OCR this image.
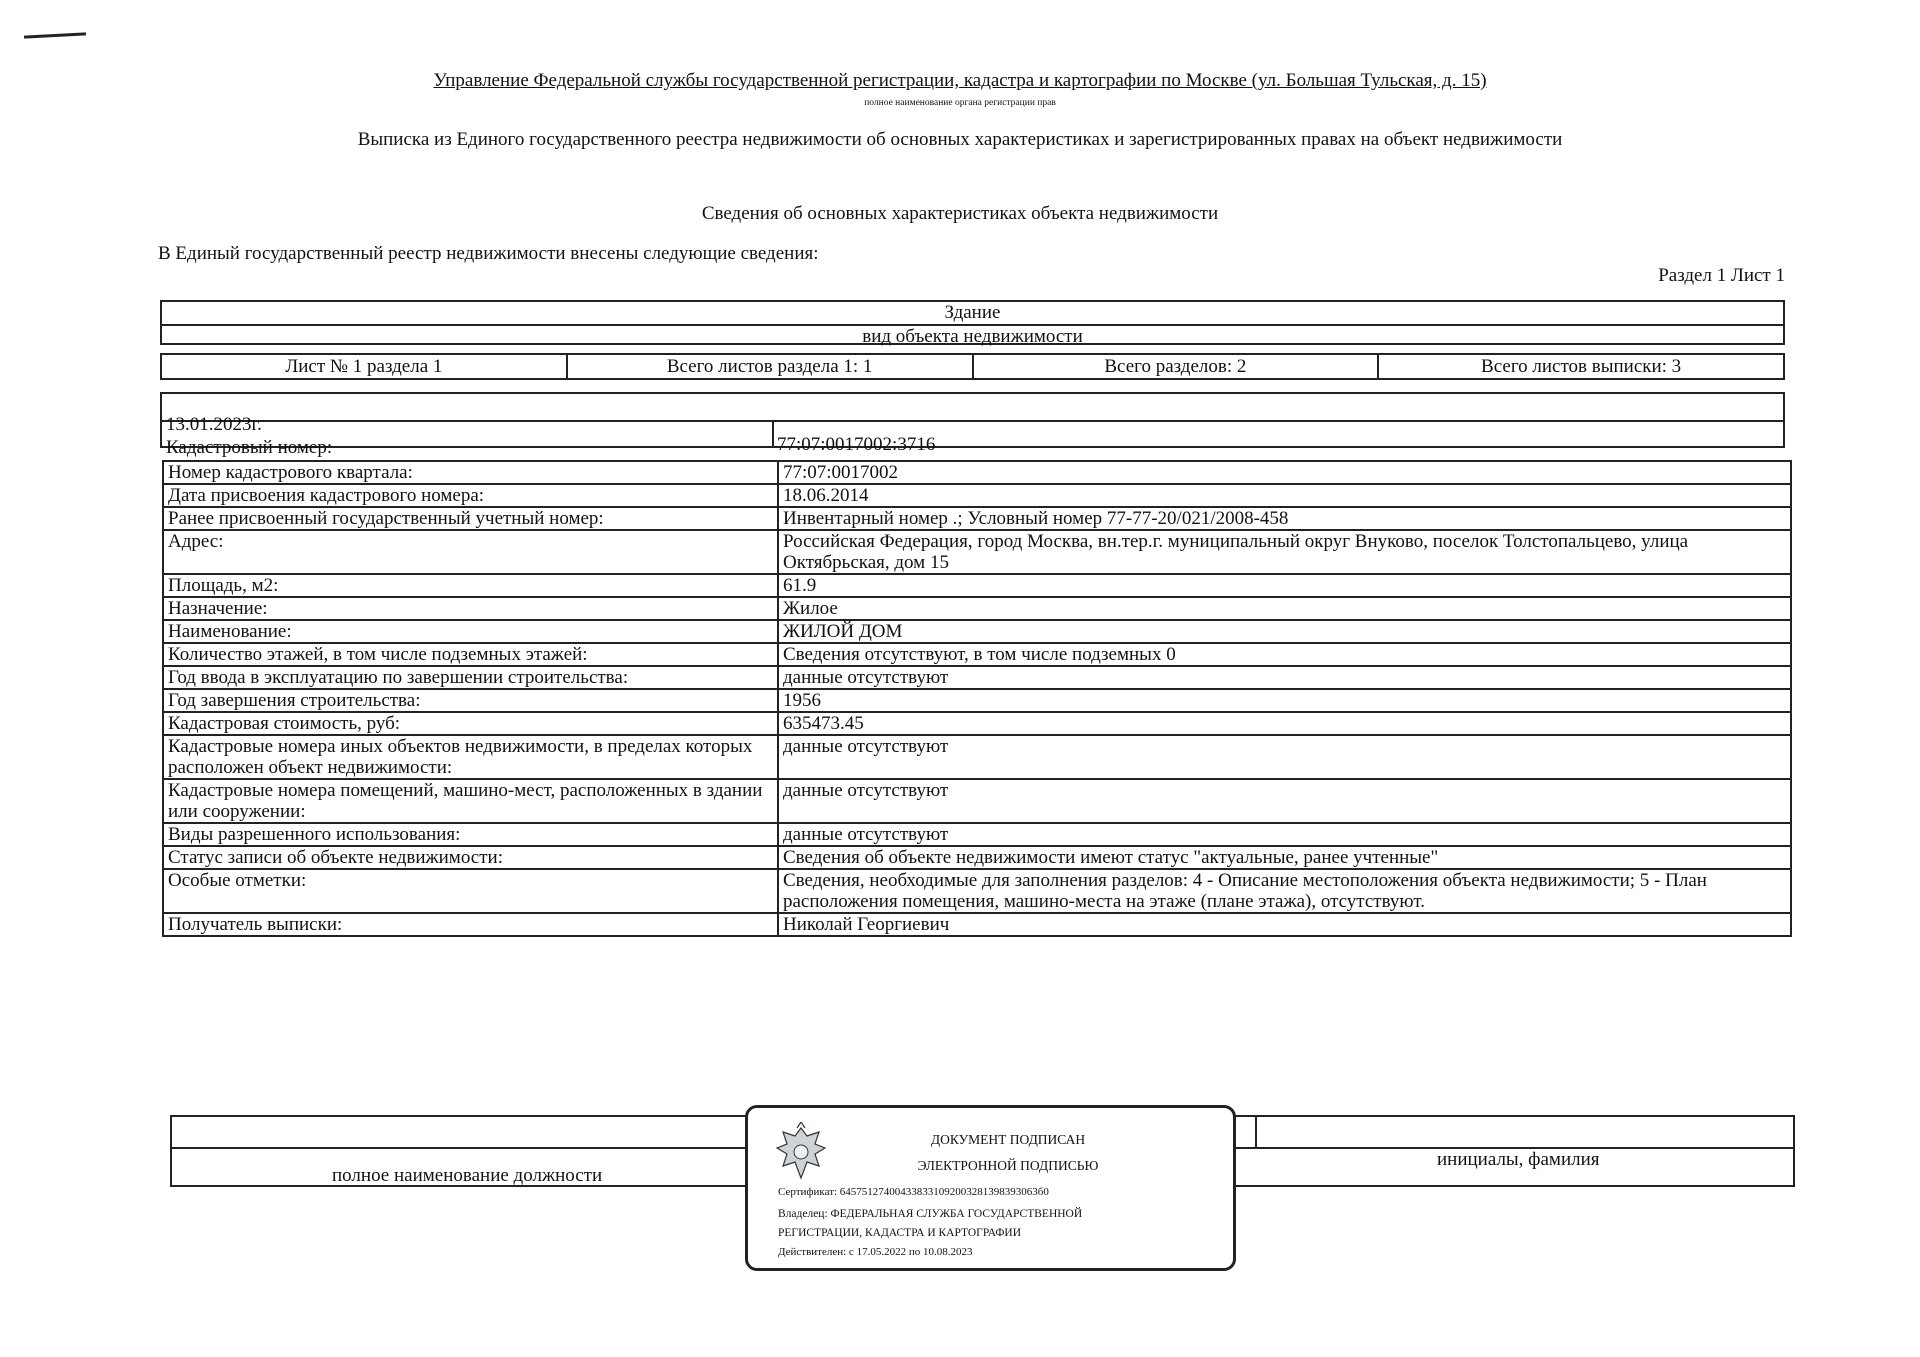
Управление Федеральной службы государственной регистрации, кадастра и картографии по Москве (ул. Большая Тульская, д. 15)
полное наименование органа регистрации прав
Выписка из Единого государственного реестра недвижимости об основных характеристиках и зарегистрированных правах на объект недвижимости
Сведения об основных характеристиках объекта недвижимости
В Единый государственный реестр недвижимости внесены следующие сведения:
Раздел 1 Лист 1
Здание
вид объекта недвижимости
Лист № 1 раздела 1	Всего листов раздела 1: 1	Всего разделов: 2	Всего листов выписки: 3
13.01.2023г.
Кадастровый номер:	77:07:0017002:3716
Номер кадастрового квартала:	77:07:0017002
Дата присвоения кадастрового номера:	18.06.2014
Ранее присвоенный государственный учетный номер:	Инвентарный номер .; Условный номер 77-77-20/021/2008-458
Адрес:	Российская Федерация, город Москва, вн.тер.г. муниципальный округ Внуково, поселок Толстопальцево, улица Октябрьская, дом 15
Площадь, м2:	61.9
Назначение:	Жилое
Наименование:	ЖИЛОЙ ДОМ
Количество этажей, в том числе подземных этажей:	Сведения отсутствуют, в том числе подземных 0
Год ввода в эксплуатацию по завершении строительства:	данные отсутствуют
Год завершения строительства:	1956
Кадастровая стоимость, руб:	635473.45
Кадастровые номера иных объектов недвижимости, в пределах которых расположен объект недвижимости:	данные отсутствуют
Кадастровые номера помещений, машино-мест, расположенных в здании или сооружении:	данные отсутствуют
Виды разрешенного использования:	данные отсутствуют
Статус записи об объекте недвижимости:	Сведения об объекте недвижимости имеют статус "актуальные, ранее учтенные"
Особые отметки:	Сведения, необходимые для заполнения разделов: 4 - Описание местоположения объекта недвижимости; 5 - План расположения помещения, машино-места на этаже (плане этажа), отсутствуют.
Получатель выписки:	Николай Георгиевич
полное наименование должности
инициалы, фамилия
ДОКУМЕНТ ПОДПИСАН
ЭЛЕКТРОННОЙ ПОДПИСЬЮ
Сертификат: 645751274004338331092003281398393063б0
Владелец: ФЕДЕРАЛЬНАЯ СЛУЖБА ГОСУДАРСТВЕННОЙ
РЕГИСТРАЦИИ, КАДАСТРА И КАРТОГРАФИИ
Действителен: с 17.05.2022 по 10.08.2023
